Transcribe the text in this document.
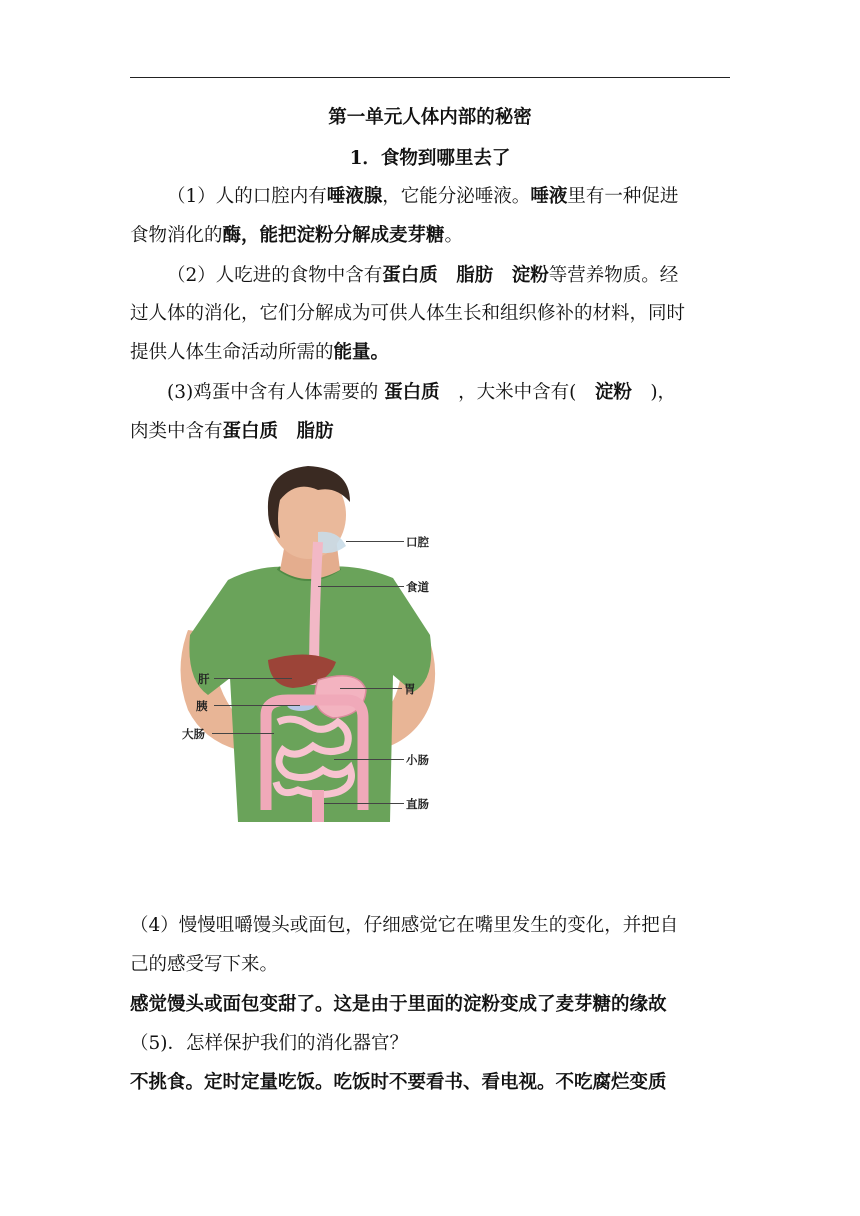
第一单元人体内部的秘密
1．食物到哪里去了
（1）人的口腔内有唾液腺，它能分泌唾液。唾液里有一种促进
食物消化的酶，能把淀粉分解成麦芽糖。
（2）人吃进的食物中含有蛋白质　脂肪　淀粉等营养物质。经
过人体的消化，它们分解成为可供人体生长和组织修补的材料，同时
提供人体生命活动所需的能量。
(3)鸡蛋中含有人体需要的 蛋白质　，大米中含有(　淀粉　)，
肉类中含有蛋白质　脂肪
口腔
食道
肝
胃
胰
大肠
小肠
直肠
（4）慢慢咀嚼馒头或面包，仔细感觉它在嘴里发生的变化，并把自
己的感受写下来。
感觉馒头或面包变甜了。这是由于里面的淀粉变成了麦芽糖的缘故
（5)．怎样保护我们的消化器官？
不挑食。定时定量吃饭。吃饭时不要看书、看电视。不吃腐烂变质
